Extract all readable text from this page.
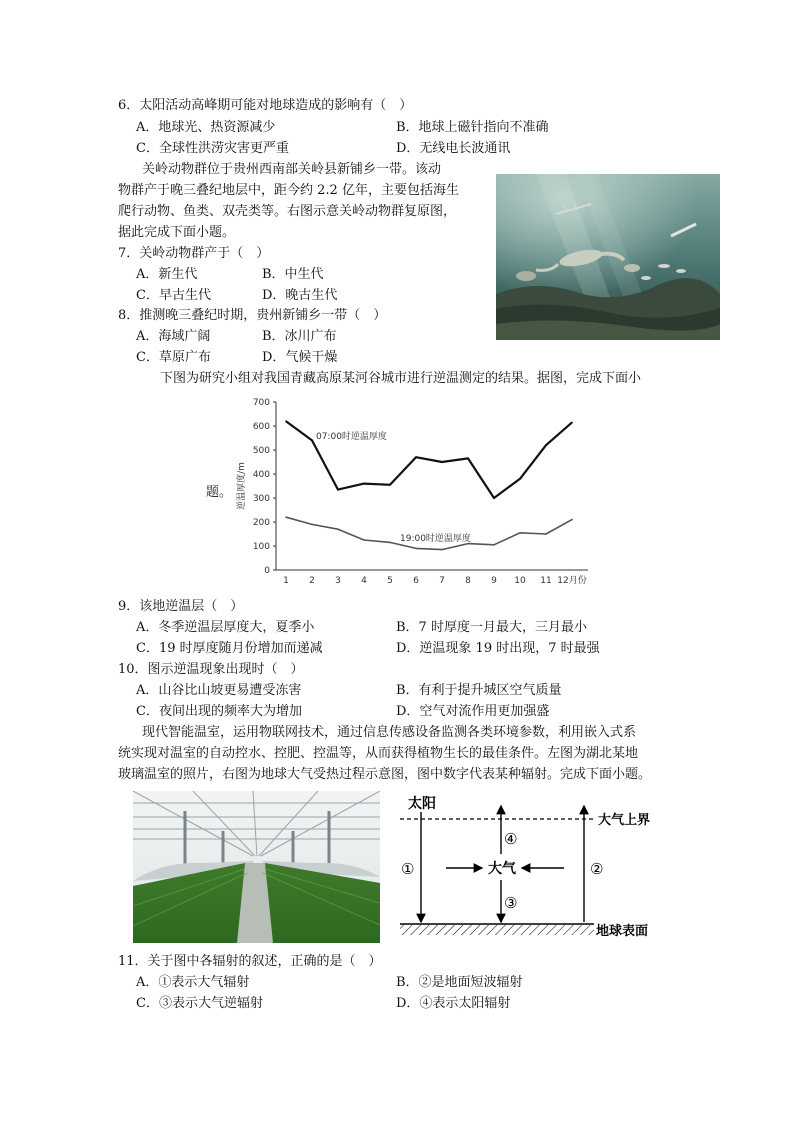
6．太阳活动高峰期可能对地球造成的影响有（　）
A．地球光、热资源减少	B．地球上磁针指向不准确
C．全球性洪涝灾害更严重	D．无线电长波通讯
关岭动物群位于贵州西南部关岭县新铺乡一带。该动
物群产于晚三叠纪地层中，距今约 2.2 亿年，主要包括海生
爬行动物、鱼类、双壳类等。右图示意关岭动物群复原图，
据此完成下面小题。
7．关岭动物群产于（　）
A．新生代	B．中生代
C．早古生代	D．晚古生代
8．推测晚三叠纪时期，贵州新铺乡一带（　）
A．海域广阔	B．冰川广布
C．草原广布	D．气候干燥
下图为研究小组对我国青藏高原某河谷城市进行逆温测定的结果。据图，完成下面小
题。
0
100
200
300
400
500
600
700
1 2 3 4 5 6 7 8 9 10 11 12月份
逆温厚度/m
07:00时逆温厚度
19:00时逆温厚度
9．该地逆温层（　）
A．冬季逆温层厚度大，夏季小	B．7 时厚度一月最大，三月最小
C．19 时厚度随月份增加而递减	D．逆温现象 19 时出现，7 时最强
10．图示逆温现象出现时（　）
A．山谷比山坡更易遭受冻害	B．有利于提升城区空气质量
C．夜间出现的频率大为增加	D．空气对流作用更加强盛
现代智能温室，运用物联网技术，通过信息传感设备监测各类环境参数，利用嵌入式系
统实现对温室的自动控水、控肥、控温等，从而获得植物生长的最佳条件。左图为湖北某地
玻璃温室的照片，右图为地球大气受热过程示意图，图中数字代表某种辐射。完成下面小题。
太阳
大气上界
①	②
④
③
大气
地球表面
11．关于图中各辐射的叙述，正确的是（　）
A．①表示大气辐射	B．②是地面短波辐射
C．③表示大气逆辐射	D．④表示太阳辐射
